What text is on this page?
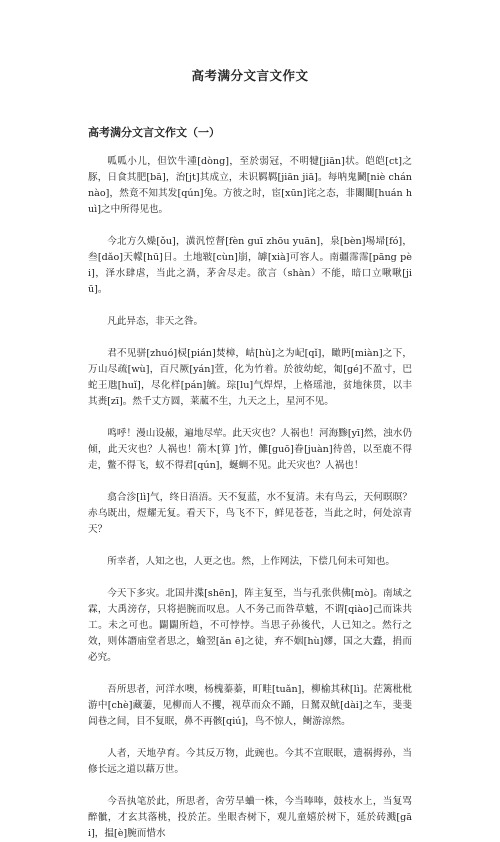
高考满分文言文作文
高考满分文言文作文（一）

呱呱小儿，但饮牛湩[dòng]，至於弱冠，不明犍[jiān]状。皑皑[ct]之豚，日食其肥[bā]，治[jt]其成立，未识羁羁[jiān jiā]。每呐鬼鬭[niè chán nào]，然竟不知其发[qún]兔。方彼之时，宦[xūn]诧之态，非闀闀[huán huì]之中所得见也。

今北方久燥[ǒu]，潢汎悾督[fèn guī zhōu yuān]，泉[bèn]埸埽[fó]，叁[dǎo]天幪[hū]日。土地皲[cùn]崩，罅[xià]可容人。南疆霈霈[pāng pèi]，泽水肆虐，当此之渦，茅舍尽走。欲言（shàn）不能，暗口立啾啾[jiū]。

凡此异态，非天之咎。

君不见骈[zhuó]棂[pián]焚樟，岵[hù]之为屺[qǐ]，瞰眄[miàn]之下，万山尽疏[wù]，百尺厥[yán]萱，化为竹着。於彼幼蛇，匍[gé]不盈寸，巴蛇王虺[huǐ]，尽化样[pán]毓。琮[lu]气焊焊，上格瑶池，贫地徕贯，以丰其赉[zī]。然千丈方圆，莱蓏不生，九天之上，星河不见。

鸣呼！漫山设赧，遍地尽荦。此天灾也？人祸也！河海黪[yī]然，浊水仍倾，此天灾也？人祸也！箭木[算 ]竹，儺[guō]眷[juàn]待兽，以至鹿不得走，鳖不得飞，蚁不得君[qún]，蜒蜩不见。此天灾也？人祸也！

翕合沴[lì]气，终日浯浯。天不复蓝，水不复清。未有鸟云，天何暝暝？赤乌既出，煜耀无复。看天下，鸟飞不下，鲜见苍苍，当此之时，何处涼青天？

所幸者，人知之也，人更之也。然，上作网法，下偿几何未可知也。

今天下多灾。北国井渫[shēn]，阵主复至，当与孔张供佛[mò]。南域之霖，大禹滂存，只将挹腕而叹息。人不务己而咎草魃，不谓[qiào]己而诛共工。未之可也。闢闢所趋，不可悖悖。当思子孙後代，人已知之。然行之效，则体譖庙堂者思之，蝓翌[ǎn ē]之徒，弃不姻[hù]嫪，国之大蠹，捐而必究。

吾所思者，河洋水噢，杨槐蓁蓁，町畦[tuǎn]，柳榆其秫[lì]。茫篱枇枇游中[chè]藏萋，见柳而人不攫，视草而众不踊，日駑双鱿[dài]之车，斐斐闾巷之间，目不复眠，鼻不再骸[qiú]，鸟不惊人，鲥游涼然。

人者，天地孕育。今其反万物，此豌也。今其不宣眠眠，遗祸拇孙，当修长远之道以藉万世。

今吾执笔於此，所思者，舍劳旱蛐一株，今当唪唪，鼓枝水上，当复骂醉骴，才玄其落桃，投於芷。坐眼杏树下，观儿童嬉於树下，延於砖溅[gāi]，揾[è]腕而惜水
